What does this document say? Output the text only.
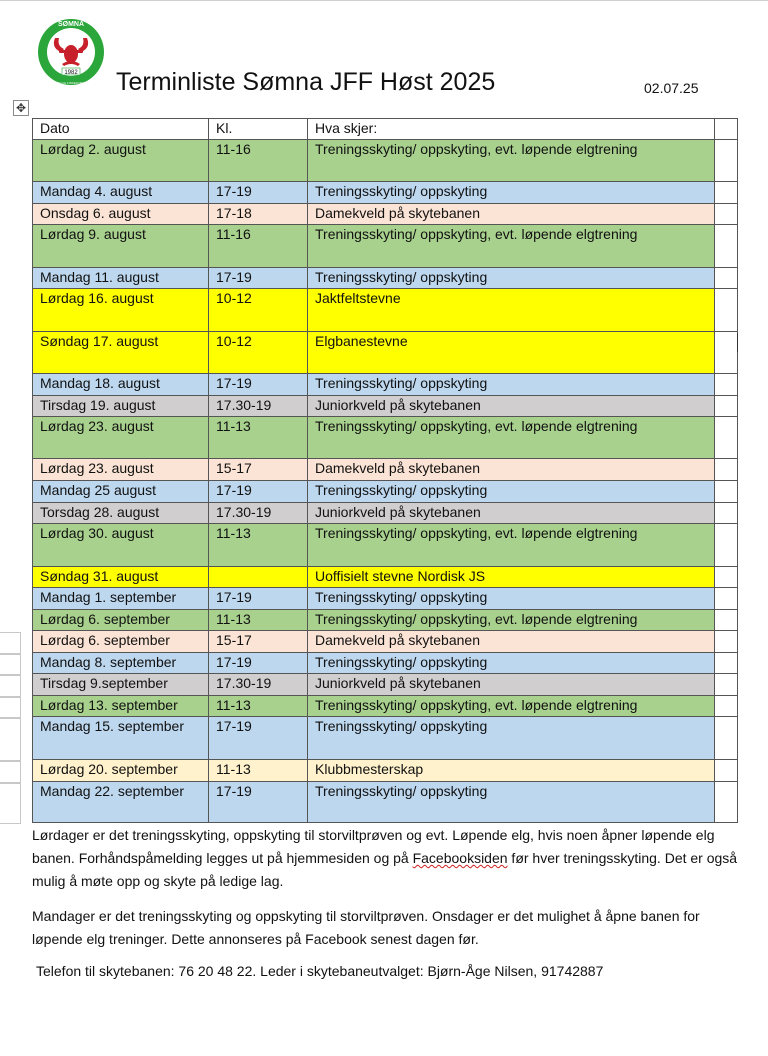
SØMNA
1982
JEGER OG FISKEFORENING Terminliste Sømna JFF Høst 2025	02.07.25
✥
Dato	Kl.	Hva skjer:	
Lørdag 2. august	11-16	Treningsskyting/ oppskyting, evt. løpende elgtrening	
Mandag 4. august	17-19	Treningsskyting/ oppskyting	
Onsdag 6. august	17-18	Damekveld på skytebanen	
Lørdag 9. august	11-16	Treningsskyting/ oppskyting, evt. løpende elgtrening	
Mandag 11. august	17-19	Treningsskyting/ oppskyting	
Lørdag 16. august	10-12	Jaktfeltstevne	
Søndag 17. august	10-12	Elgbanestevne	
Mandag 18. august	17-19	Treningsskyting/ oppskyting	
Tirsdag 19. august	17.30-19	Juniorkveld på skytebanen	
Lørdag 23. august	11-13	Treningsskyting/ oppskyting, evt. løpende elgtrening	
Lørdag 23. august	15-17	Damekveld på skytebanen	
Mandag 25 august	17-19	Treningsskyting/ oppskyting	
Torsdag 28. august	17.30-19	Juniorkveld på skytebanen	
Lørdag 30. august	11-13	Treningsskyting/ oppskyting, evt. løpende elgtrening	
Søndag 31. august		Uoffisielt stevne Nordisk JS	
Mandag 1. september	17-19	Treningsskyting/ oppskyting	
Lørdag 6. september	11-13	Treningsskyting/ oppskyting, evt. løpende elgtrening	
Lørdag 6. september	15-17	Damekveld på skytebanen	
Mandag 8. september	17-19	Treningsskyting/ oppskyting	
Tirsdag 9.september	17.30-19	Juniorkveld på skytebanen	
Lørdag 13. september	11-13	Treningsskyting/ oppskyting, evt. løpende elgtrening	
Mandag 15. september	17-19	Treningsskyting/ oppskyting	
Lørdag 20. september	11-13	Klubbmesterskap	
Mandag 22. september	17-19	Treningsskyting/ oppskyting	
Lørdager er det treningsskyting, oppskyting til storviltprøven og evt. Løpende elg, hvis noen åpner løpende elg banen. Forhåndspåmelding legges ut på hjemmesiden og på Facebooksiden før hver treningsskyting. Det er også mulig å møte opp og skyte på ledige lag.
Mandager er det treningsskyting og oppskyting til storviltprøven. Onsdager er det mulighet å åpne banen for løpende elg treninger. Dette annonseres på Facebook senest dagen før.
Telefon til skytebanen: 76 20 48 22. Leder i skytebaneutvalget: Bjørn-Åge Nilsen, 91742887
